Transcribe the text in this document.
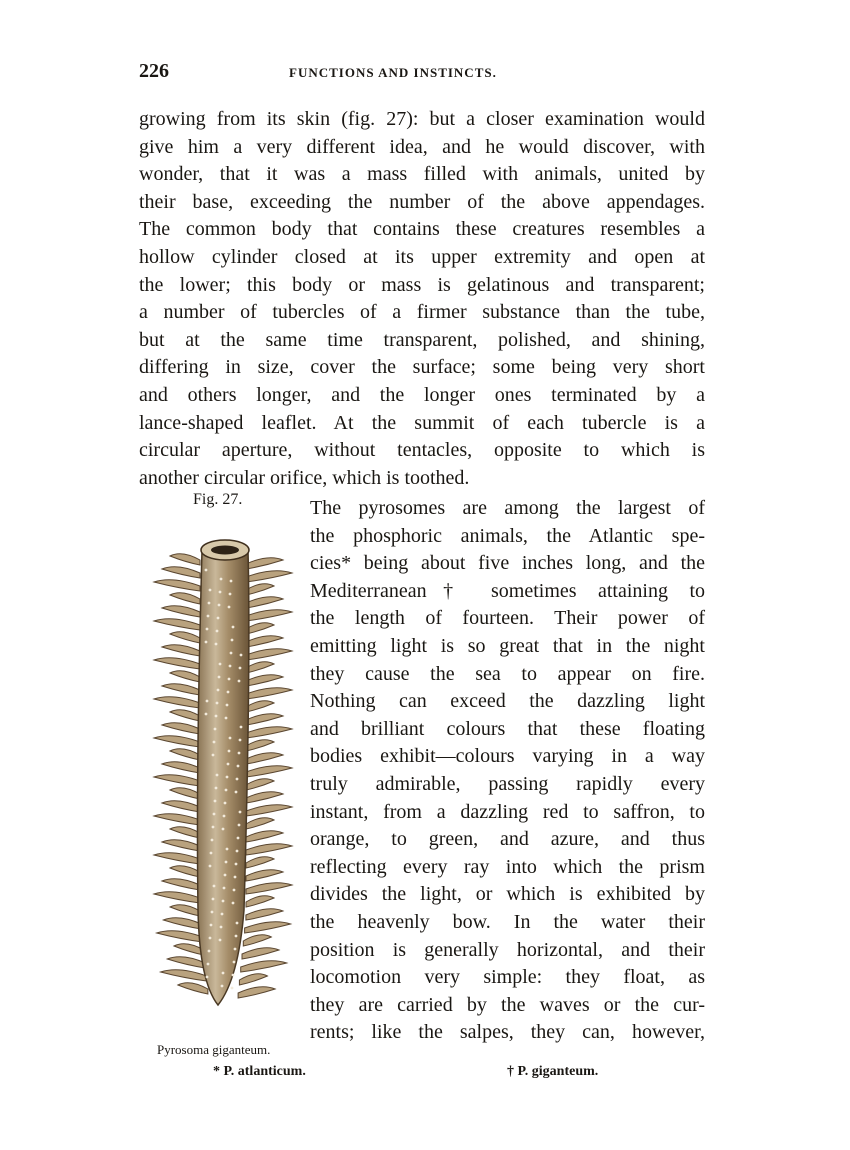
226	FUNCTIONS AND INSTINCTS.
growing from its skin (fig. 27): but a closer examination would
give him a very different idea, and he would discover, with
wonder, that it was a mass filled with animals, united by
their base, exceeding the number of the above appendages.
The common body that contains these creatures resembles a
hollow cylinder closed at its upper extremity and open at
the lower; this body or mass is gelatinous and transparent;
a number of tubercles of a firmer substance than the tube,
but at the same time transparent, polished, and shining,
differing in size, cover the surface; some being very short
and others longer, and the longer ones terminated by a
lance-shaped leaflet. At the summit of each tubercle is a
circular aperture, without tentacles, opposite to which is
another circular orifice, which is toothed.
Fig. 27.
Pyrosoma giganteum.
The pyrosomes are among the largest of
the phosphoric animals, the Atlantic spe-
cies* being about five inches long, and the
Mediterranean† sometimes attaining to
the length of fourteen. Their power of
emitting light is so great that in the night
they cause the sea to appear on fire.
Nothing can exceed the dazzling light
and brilliant colours that these floating
bodies exhibit—colours varying in a way
truly admirable, passing rapidly every
instant, from a dazzling red to saffron, to
orange, to green, and azure, and thus
reflecting every ray into which the prism
divides the light, or which is exhibited by
the heavenly bow. In the water their
position is generally horizontal, and their
locomotion very simple: they float, as
they are carried by the waves or the cur-
rents; like the salpes, they can, however,
* P. atlanticum.	† P. giganteum.
